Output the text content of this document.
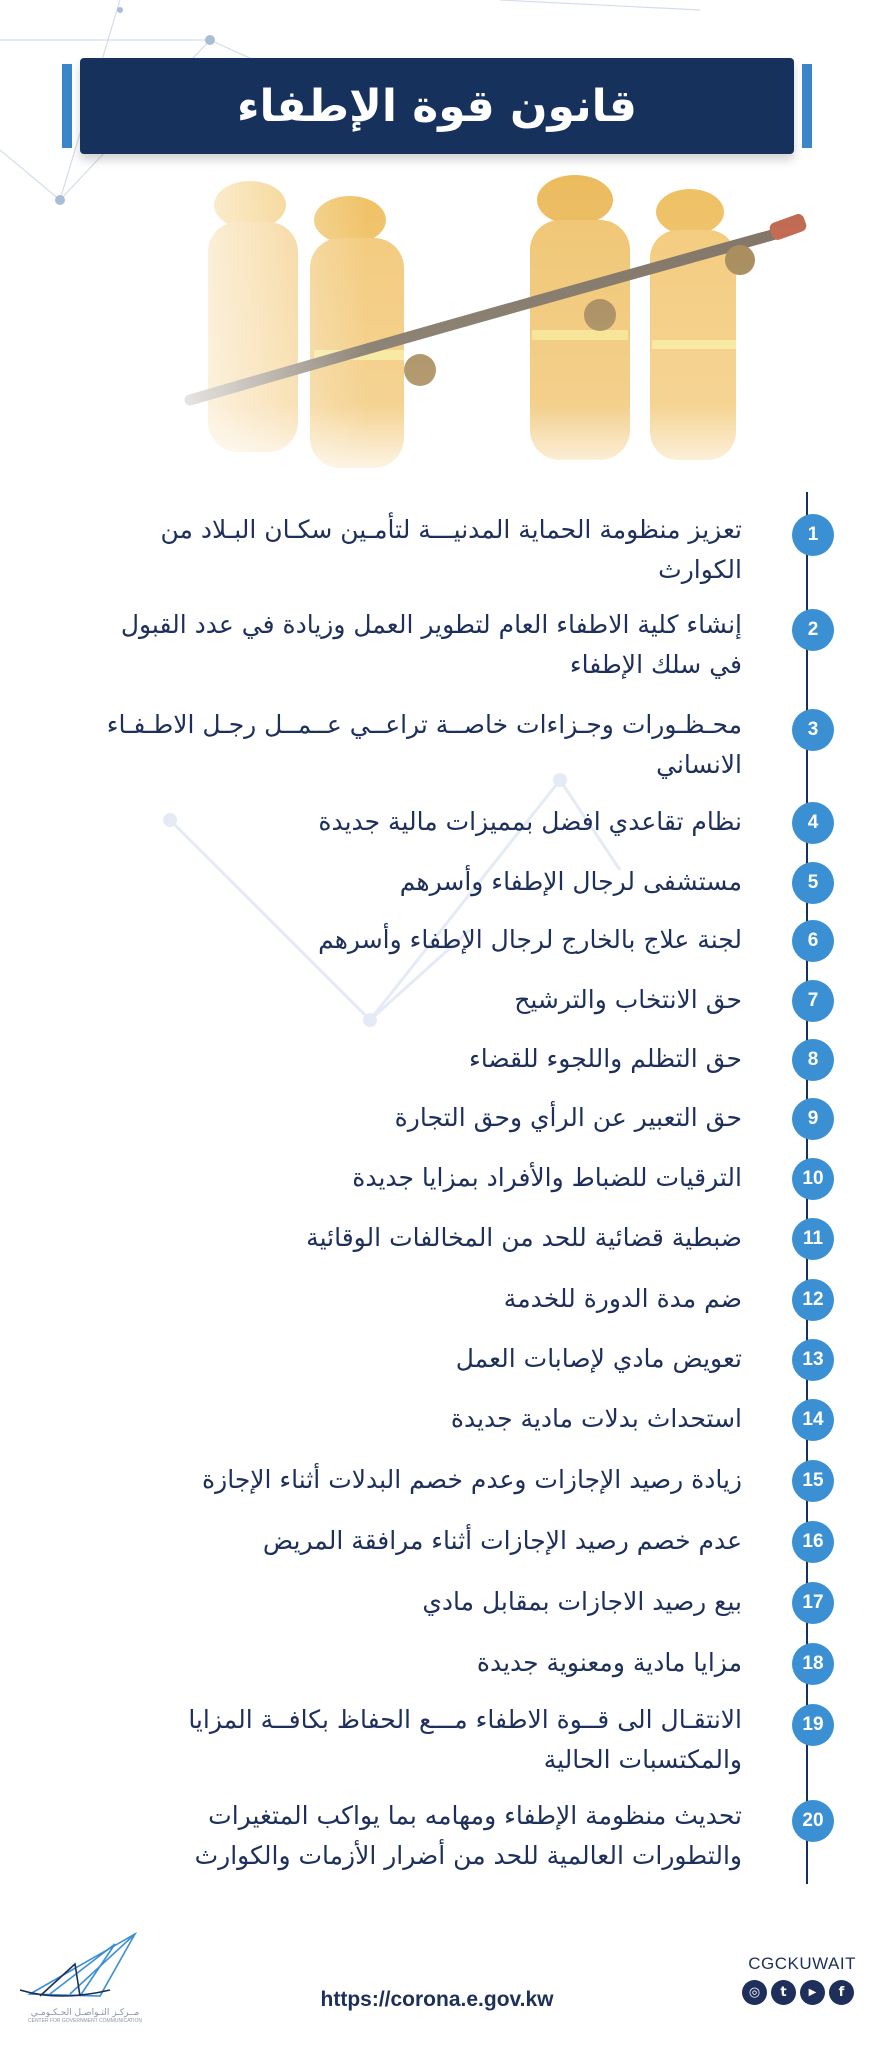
قانون قوة الإطفاء
1
تعزيز منظومة الحماية المدنيـــة لتأمـين سكـان البـلاد من الكوارث
2
إنشاء كلية الاطفاء العام لتطوير العمل وزيادة في عدد القبول في سلك الإطفاء
3
محـظـورات وجـزاءات خاصــة تراعــي عــمــل رجـل الاطـفـاء الانساني
4
نظام تقاعدي افضل بمميزات مالية جديدة
5
مستشفى لرجال الإطفاء وأسرهم
6
لجنة علاج بالخارج لرجال الإطفاء وأسرهم
7
حق الانتخاب والترشيح
8
حق التظلم واللجوء للقضاء
9
حق التعبير عن الرأي وحق التجارة
10
الترقيات للضباط والأفراد بمزايا جديدة
11
ضبطية قضائية للحد من المخالفات الوقائية
12
ضم مدة الدورة للخدمة
13
تعويض مادي لإصابات العمل
14
استحداث بدلات مادية جديدة
15
زيادة رصيد الإجازات وعدم خصم البدلات أثناء الإجازة
16
عدم خصم رصيد الإجازات أثناء مرافقة المريض
17
بيع رصيد الاجازات بمقابل مادي
18
مزايا مادية ومعنوية جديدة
19
الانتقـال الى قــوة الاطفاء مـــع الحفاظ بكافــة المزايا والمكتسبات الحالية
20
تحديث منظومة الإطفاء ومهامه بما يواكب المتغيرات والتطورات العالمية للحد من أضرار الأزمات والكوارث
مــركـز التـواصـل الحـكـومـي
CENTER FOR GOVERNMENT COMMUNICATION
https://corona.e.gov.kw
CGCKUWAIT
◎	t	▶	f
